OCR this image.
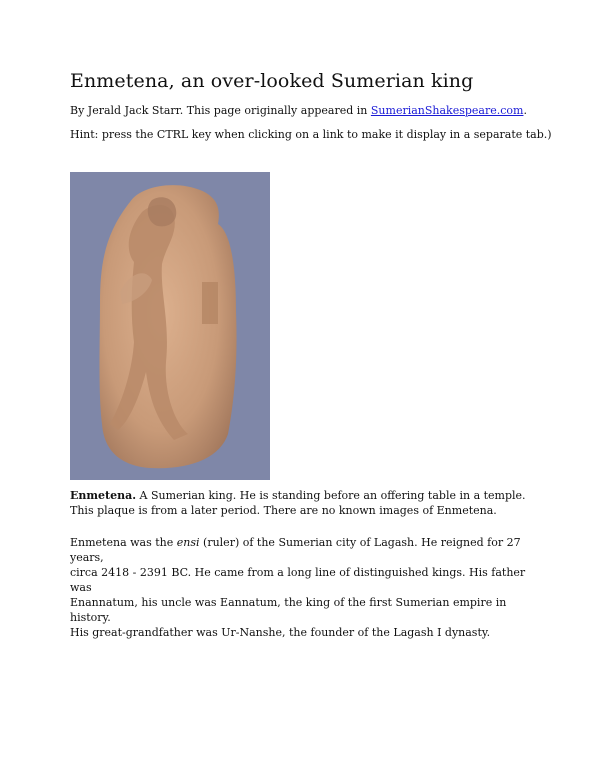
Enmetena, an over-looked Sumerian king

By Jerald Jack Starr. This page originally appeared in SumerianShakespeare.com.

Hint: press the CTRL key when clicking on a link to make it display in a separate tab.)

Enmetena. A Sumerian king. He is standing before an offering table in a temple.

This plaque is from a later period. There are no known images of Enmetena.

Enmetena was the ensi (ruler) of the Sumerian city of Lagash. He reigned for 27 years,

circa 2418 - 2391 BC. He came from a long line of distinguished kings. His father was

Enannatum, his uncle was Eannatum, the king of the first Sumerian empire in history.

His great-grandfather was Ur-Nanshe, the founder of the Lagash I dynasty.
